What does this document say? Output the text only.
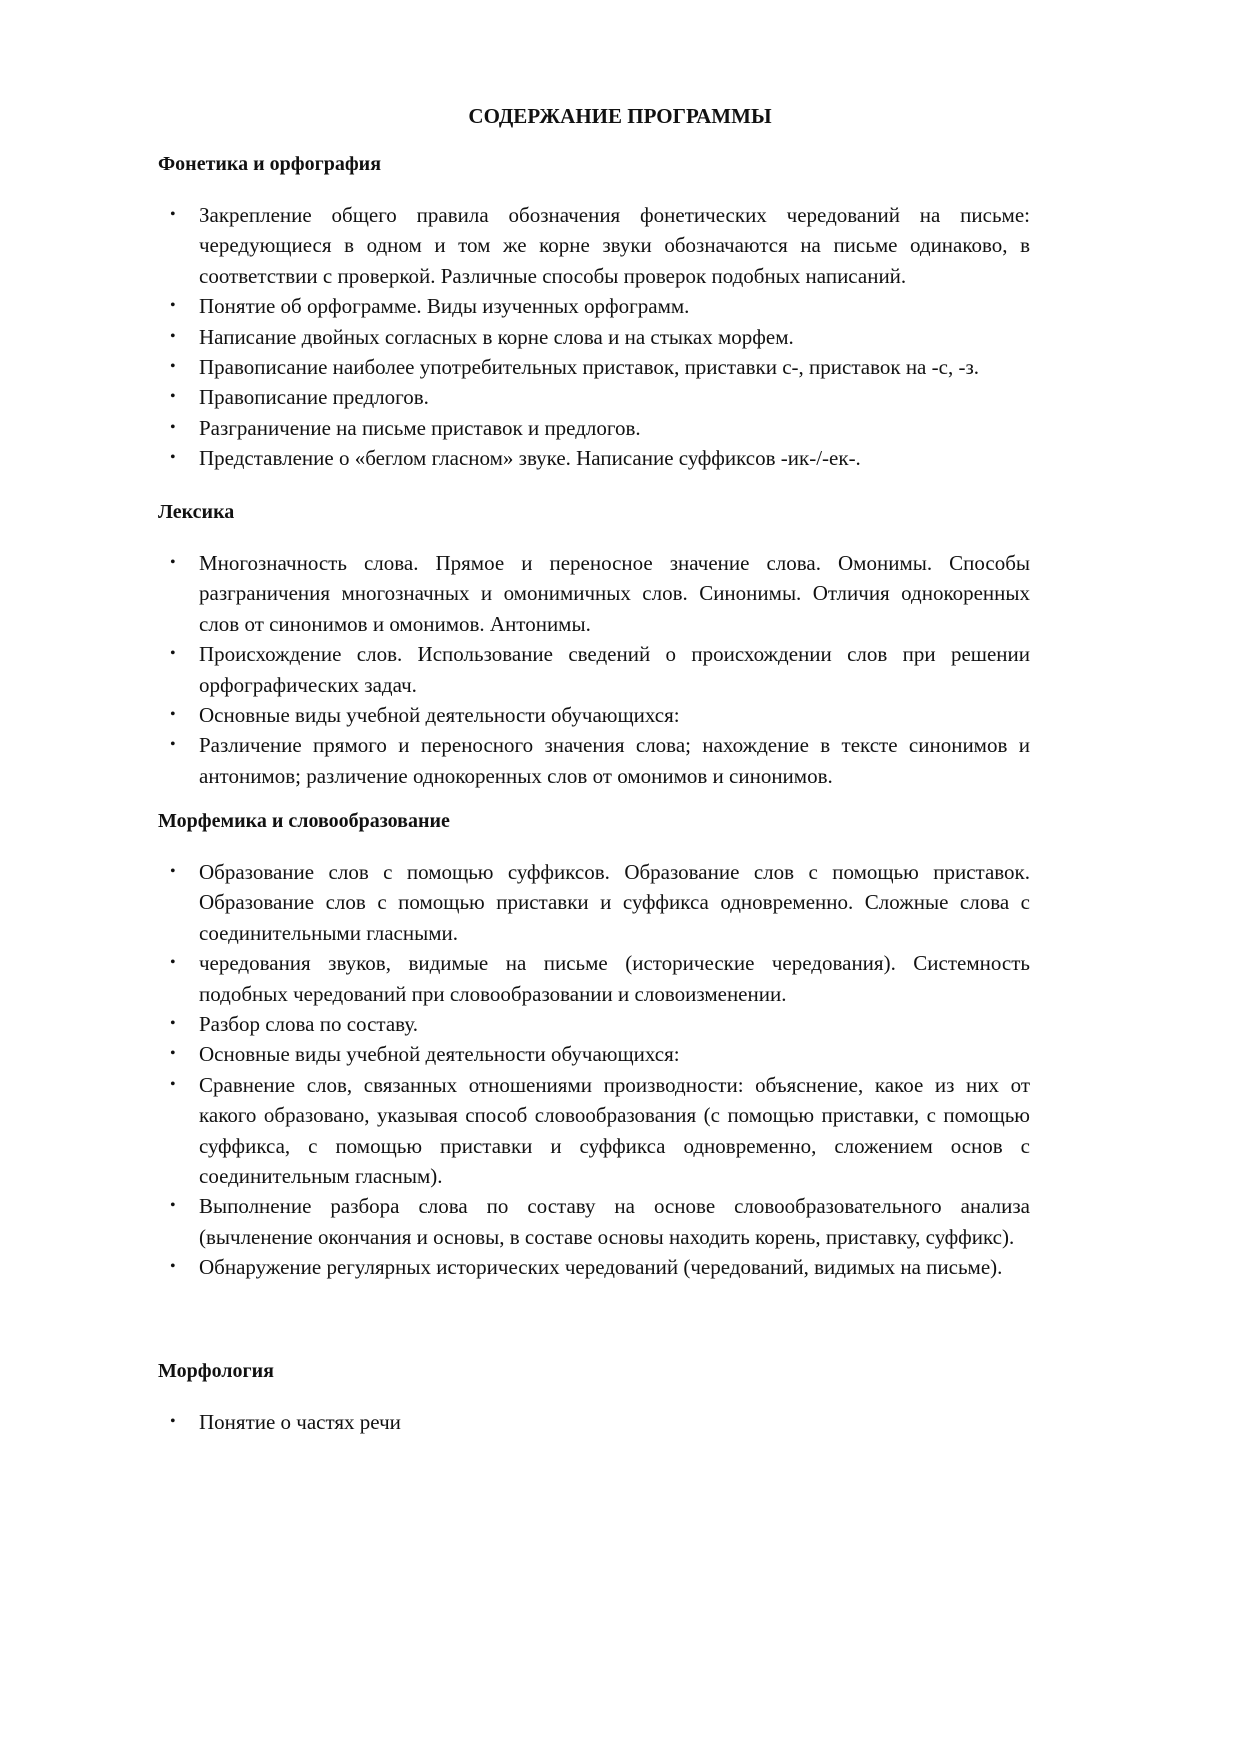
СОДЕРЖАНИЕ ПРОГРАММЫ
Фонетика и орфография
• Закрепление общего правила обозначения фонетических чередований на письме: чередующиеся в одном и том же корне звуки обозначаются на письме одинаково, в соответствии с проверкой. Различные способы проверок подобных написаний.
• Понятие об орфограмме. Виды изученных орфограмм.
• Написание двойных согласных в корне слова и на стыках морфем.
• Правописание наиболее употребительных приставок, приставки с-, приставок на -с, -з.
• Правописание предлогов.
• Разграничение на письме приставок и предлогов.
• Представление о «беглом гласном» звуке. Написание суффиксов -ик-/-ек-.
Лексика
• Многозначность слова. Прямое и переносное значение слова. Омонимы. Способы разграничения многозначных и омонимичных слов. Синонимы. Отличия однокоренных слов от синонимов и омонимов. Антонимы.
• Происхождение слов. Использование сведений о происхождении слов при решении орфографических задач.
• Основные виды учебной деятельности обучающихся:
• Различение прямого и переносного значения слова; нахождение в тексте синонимов и антонимов; различение однокоренных слов от омонимов и синонимов.
Морфемика и словообразование
• Образование слов с помощью суффиксов. Образование слов с помощью приставок. Образование слов с помощью приставки и суффикса одновременно. Сложные слова с соединительными гласными.
• чередования звуков, видимые на письме (исторические чередования). Системность подобных чередований при словообразовании и словоизменении.
• Разбор слова по составу.
• Основные виды учебной деятельности обучающихся:
• Сравнение слов, связанных отношениями производности: объяснение, какое из них от какого образовано, указывая способ словообразования (с помощью приставки, с помощью суффикса, с помощью приставки и суффикса одновременно, сложением основ с соединительным гласным).
• Выполнение разбора слова по составу на основе словообразовательного анализа (вычленение окончания и основы, в составе основы находить корень, приставку, суффикс).
• Обнаружение регулярных исторических чередований (чередований, видимых на письме).
Морфология
• Понятие о частях речи
